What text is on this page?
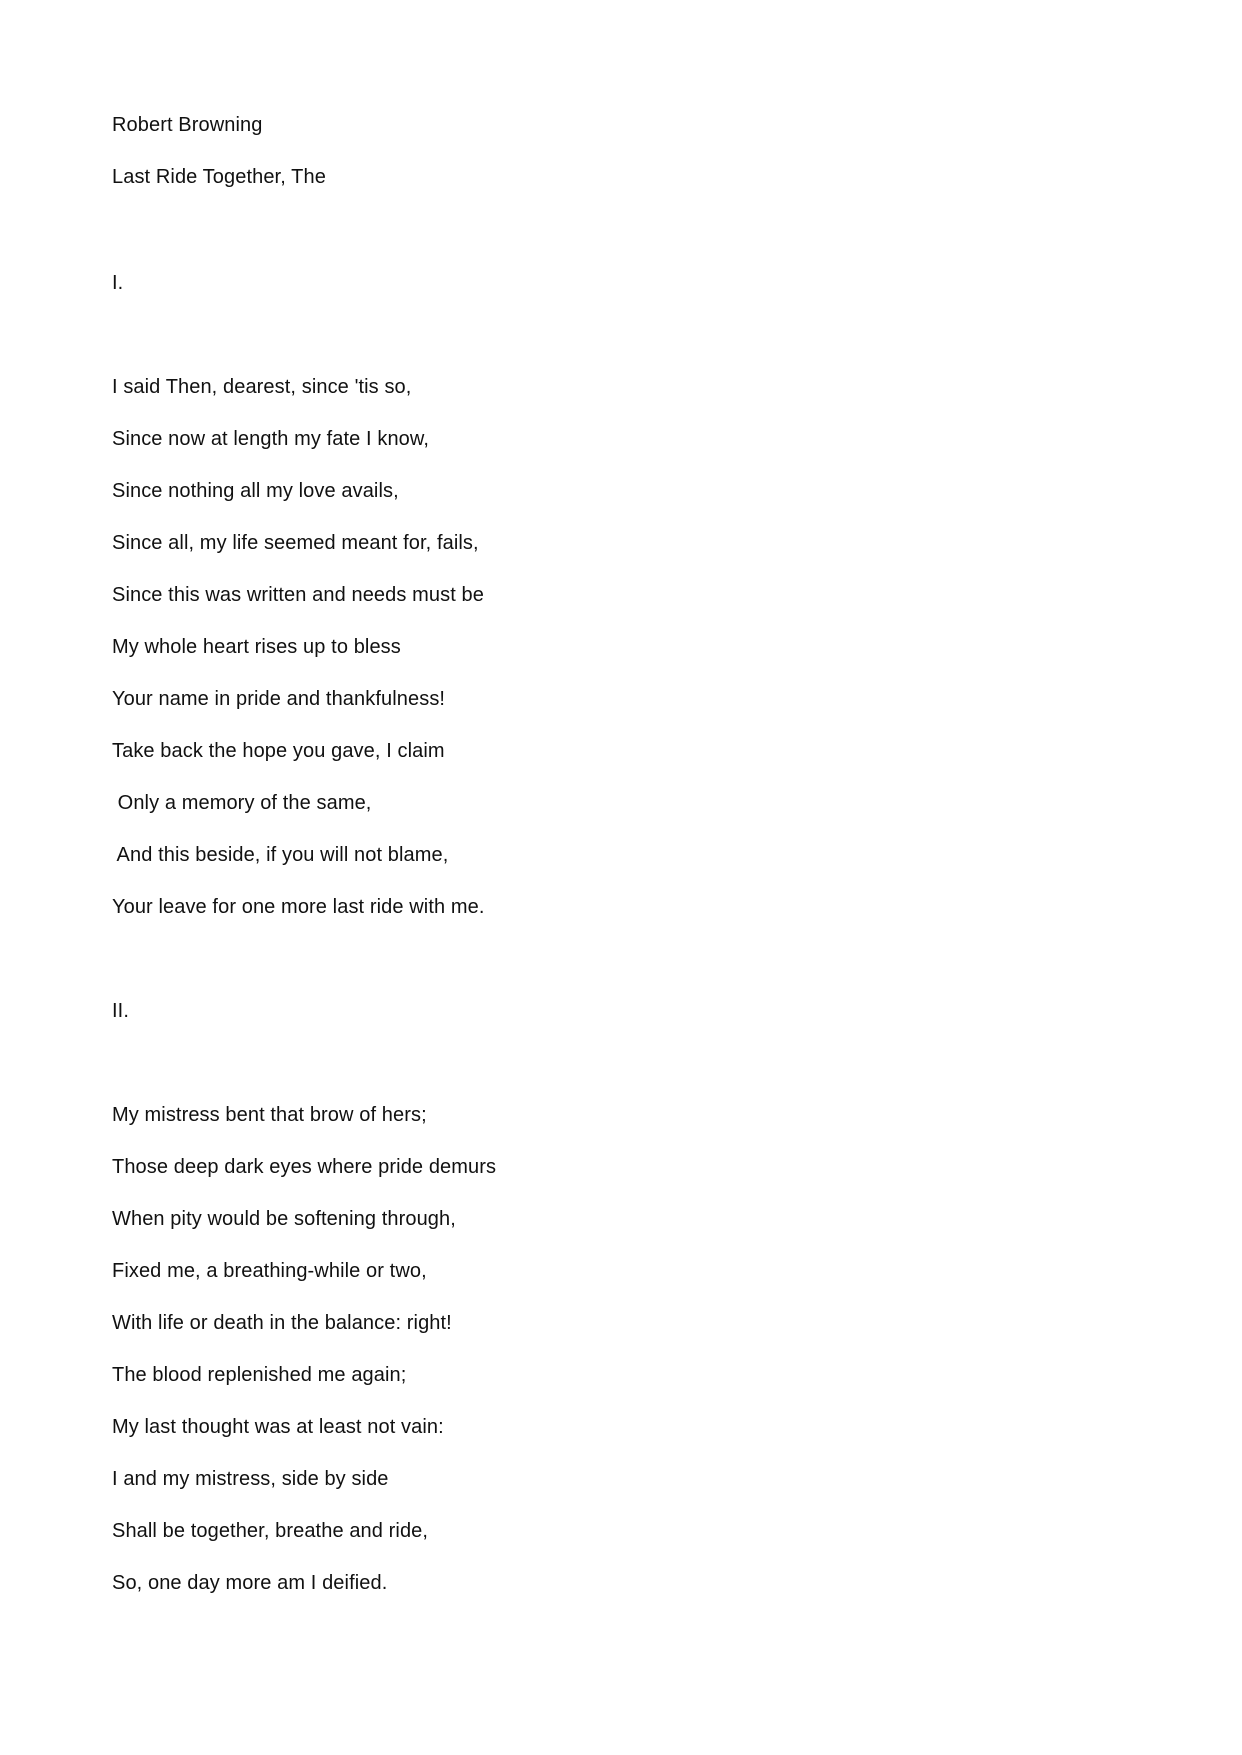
Robert Browning
Last Ride Together, The
I.
I said Then, dearest, since 'tis so,
Since now at length my fate I know,
Since nothing all my love avails,
Since all, my life seemed meant for, fails,
Since this was written and needs must be
My whole heart rises up to bless
Your name in pride and thankfulness!
Take back the hope you gave, I claim
Only a memory of the same,
And this beside, if you will not blame,
Your leave for one more last ride with me.
II.
My mistress bent that brow of hers;
Those deep dark eyes where pride demurs
When pity would be softening through,
Fixed me, a breathing-while or two,
With life or death in the balance: right!
The blood replenished me again;
My last thought was at least not vain:
I and my mistress, side by side
Shall be together, breathe and ride,
So, one day more am I deified.
